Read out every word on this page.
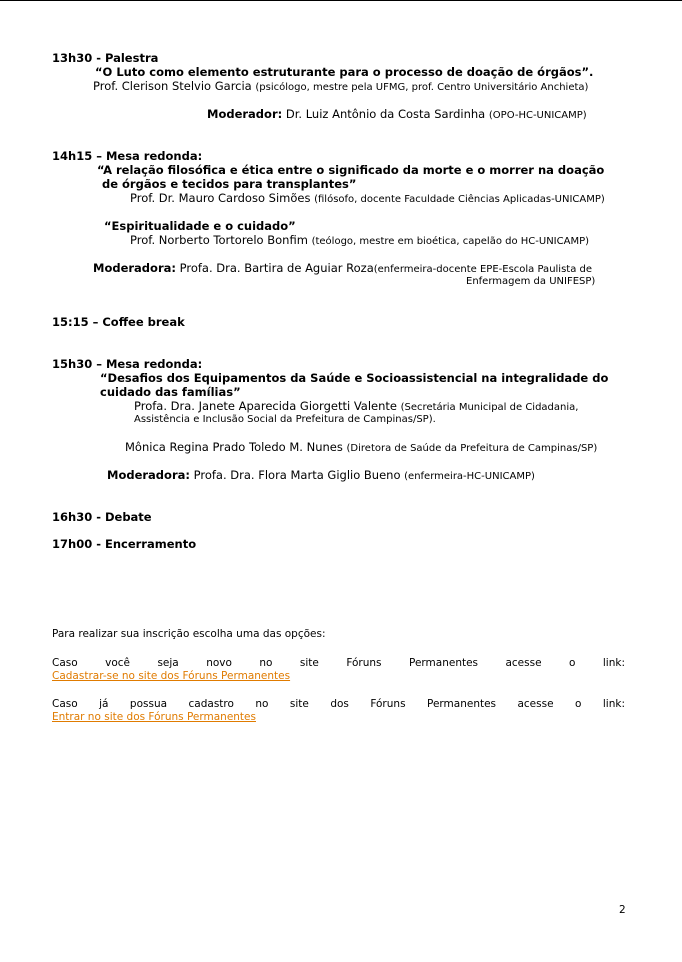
13h30 - Palestra
“O Luto como elemento estruturante para o processo de doação de órgãos”.
Prof. Clerison Stelvio Garcia (psicólogo, mestre pela UFMG, prof. Centro Universitário Anchieta)
Moderador: Dr. Luiz Antônio da Costa Sardinha (OPO-HC-UNICAMP)
14h15 – Mesa redonda:
“A relação filosófica e ética entre o significado da morte e o morrer na doação
de órgãos e tecidos para transplantes”
Prof. Dr. Mauro Cardoso Simões (filósofo, docente Faculdade Ciências Aplicadas-UNICAMP)
“Espiritualidade e o cuidado”
Prof. Norberto Tortorelo Bonfim (teólogo, mestre em bioética, capelão do HC-UNICAMP)
Moderadora: Profa. Dra. Bartira de Aguiar Roza(enfermeira-docente EPE-Escola Paulista de
Enfermagem da UNIFESP)
15:15 – Coffee break
15h30 – Mesa redonda:
“Desafios dos Equipamentos da Saúde e Socioassistencial na integralidade do
cuidado das famílias”
Profa. Dra. Janete Aparecida Giorgetti Valente (Secretária Municipal de Cidadania,
Assistência e Inclusão Social da Prefeitura de Campinas/SP).
Mônica Regina Prado Toledo M. Nunes (Diretora de Saúde da Prefeitura de Campinas/SP)
Moderadora: Profa. Dra. Flora Marta Giglio Bueno (enfermeira-HC-UNICAMP)
16h30 - Debate
17h00 - Encerramento
Para realizar sua inscrição escolha uma das opções:
Caso você seja novo no site Fóruns Permanentes acesse o link:
Cadastrar-se no site dos Fóruns Permanentes
Caso já possua cadastro no site dos Fóruns Permanentes acesse o link:
Entrar no site dos Fóruns Permanentes
2
